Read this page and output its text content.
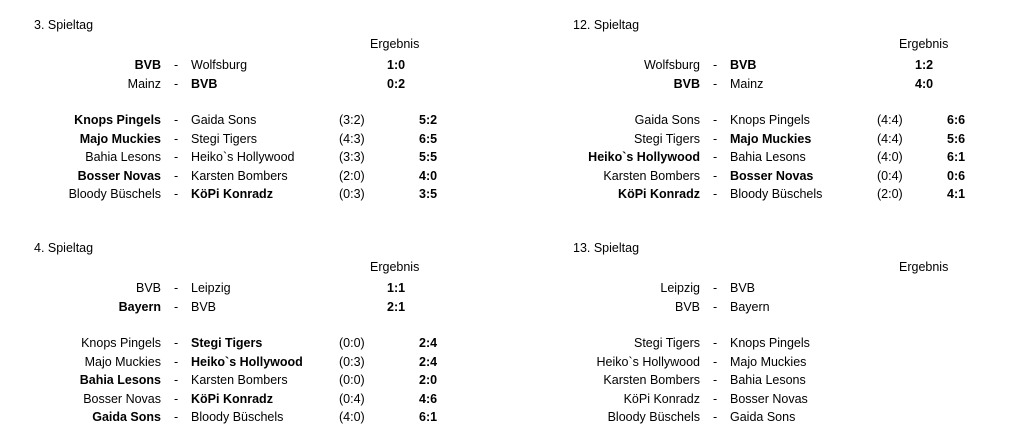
3. Spieltag
Ergebnis
BVB - Wolfsburg	1:0
Mainz - BVB	0:2
Knops Pingels - Gaida Sons	(3:2)	5:2
Majo Muckies - Stegi Tigers	(4:3)	6:5
Bahia Lesons - Heiko`s Hollywood	(3:3)	5:5
Bosser Novas - Karsten Bombers	(2:0)	4:0
Bloody Büschels - KöPi Konradz	(0:3)	3:5
12. Spieltag
Ergebnis
Wolfsburg - BVB	1:2
BVB - Mainz	4:0
Gaida Sons - Knops Pingels	(4:4)	6:6
Stegi Tigers - Majo Muckies	(4:4)	5:6
Heiko`s Hollywood - Bahia Lesons	(4:0)	6:1
Karsten Bombers - Bosser Novas	(0:4)	0:6
KöPi Konradz - Bloody Büschels	(2:0)	4:1
4. Spieltag
Ergebnis
BVB - Leipzig	1:1
Bayern - BVB	2:1
Knops Pingels - Stegi Tigers	(0:0)	2:4
Majo Muckies - Heiko`s Hollywood	(0:3)	2:4
Bahia Lesons - Karsten Bombers	(0:0)	2:0
Bosser Novas - KöPi Konradz	(0:4)	4:6
Gaida Sons - Bloody Büschels	(4:0)	6:1
13. Spieltag
Ergebnis
Leipzig - BVB
BVB - Bayern
Stegi Tigers - Knops Pingels
Heiko`s Hollywood - Majo Muckies
Karsten Bombers - Bahia Lesons
KöPi Konradz - Bosser Novas
Bloody Büschels - Gaida Sons
